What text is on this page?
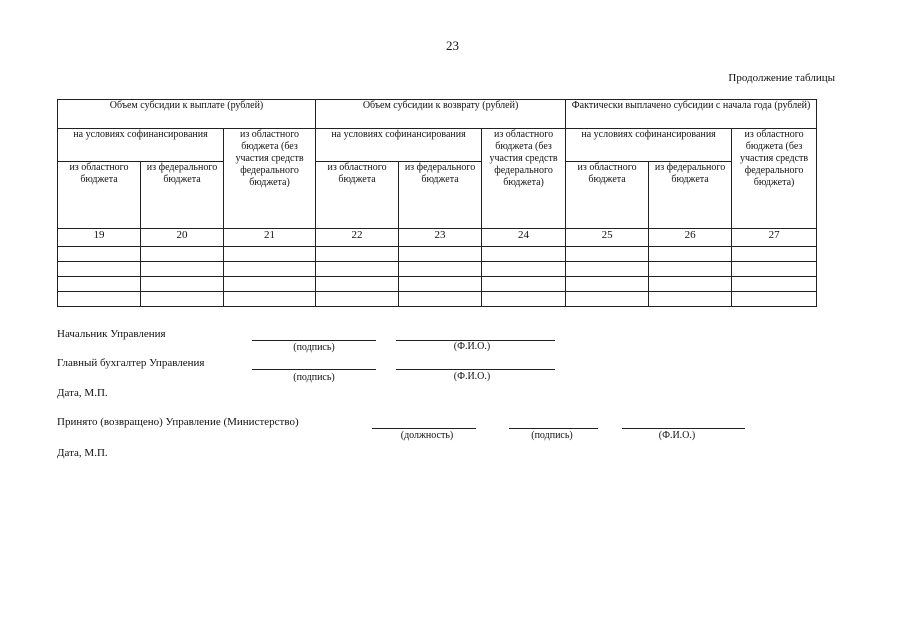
23
Продолжение таблицы
Объем субсидии к выплате (рублей)			Объем субсидии к возврату (рублей)			Фактически выплачено субсидии с начала года (рублей)		
на условиях софинансирования		из областного бюджета (без участия средств федерального бюджета)	на условиях софинансирования		из областного бюджета (без участия средств федерального бюджета)	на условиях софинансирования		из областного бюджета (без участия средств федерального бюджета)
из областного бюджета	из федерального бюджета		из областного бюджета	из федерального бюджета		из областного бюджета	из федерального бюджета	
19	20	21	22	23	24	25	26	27

Начальник Управления
(подпись)	(Ф.И.О.)
Главный бухгалтер Управления
(подпись)	(Ф.И.О.)
Дата, М.П.
Принято (возвращено) Управление (Министерство)
(должность)	(подпись)	(Ф.И.О.)
Дата, М.П.
